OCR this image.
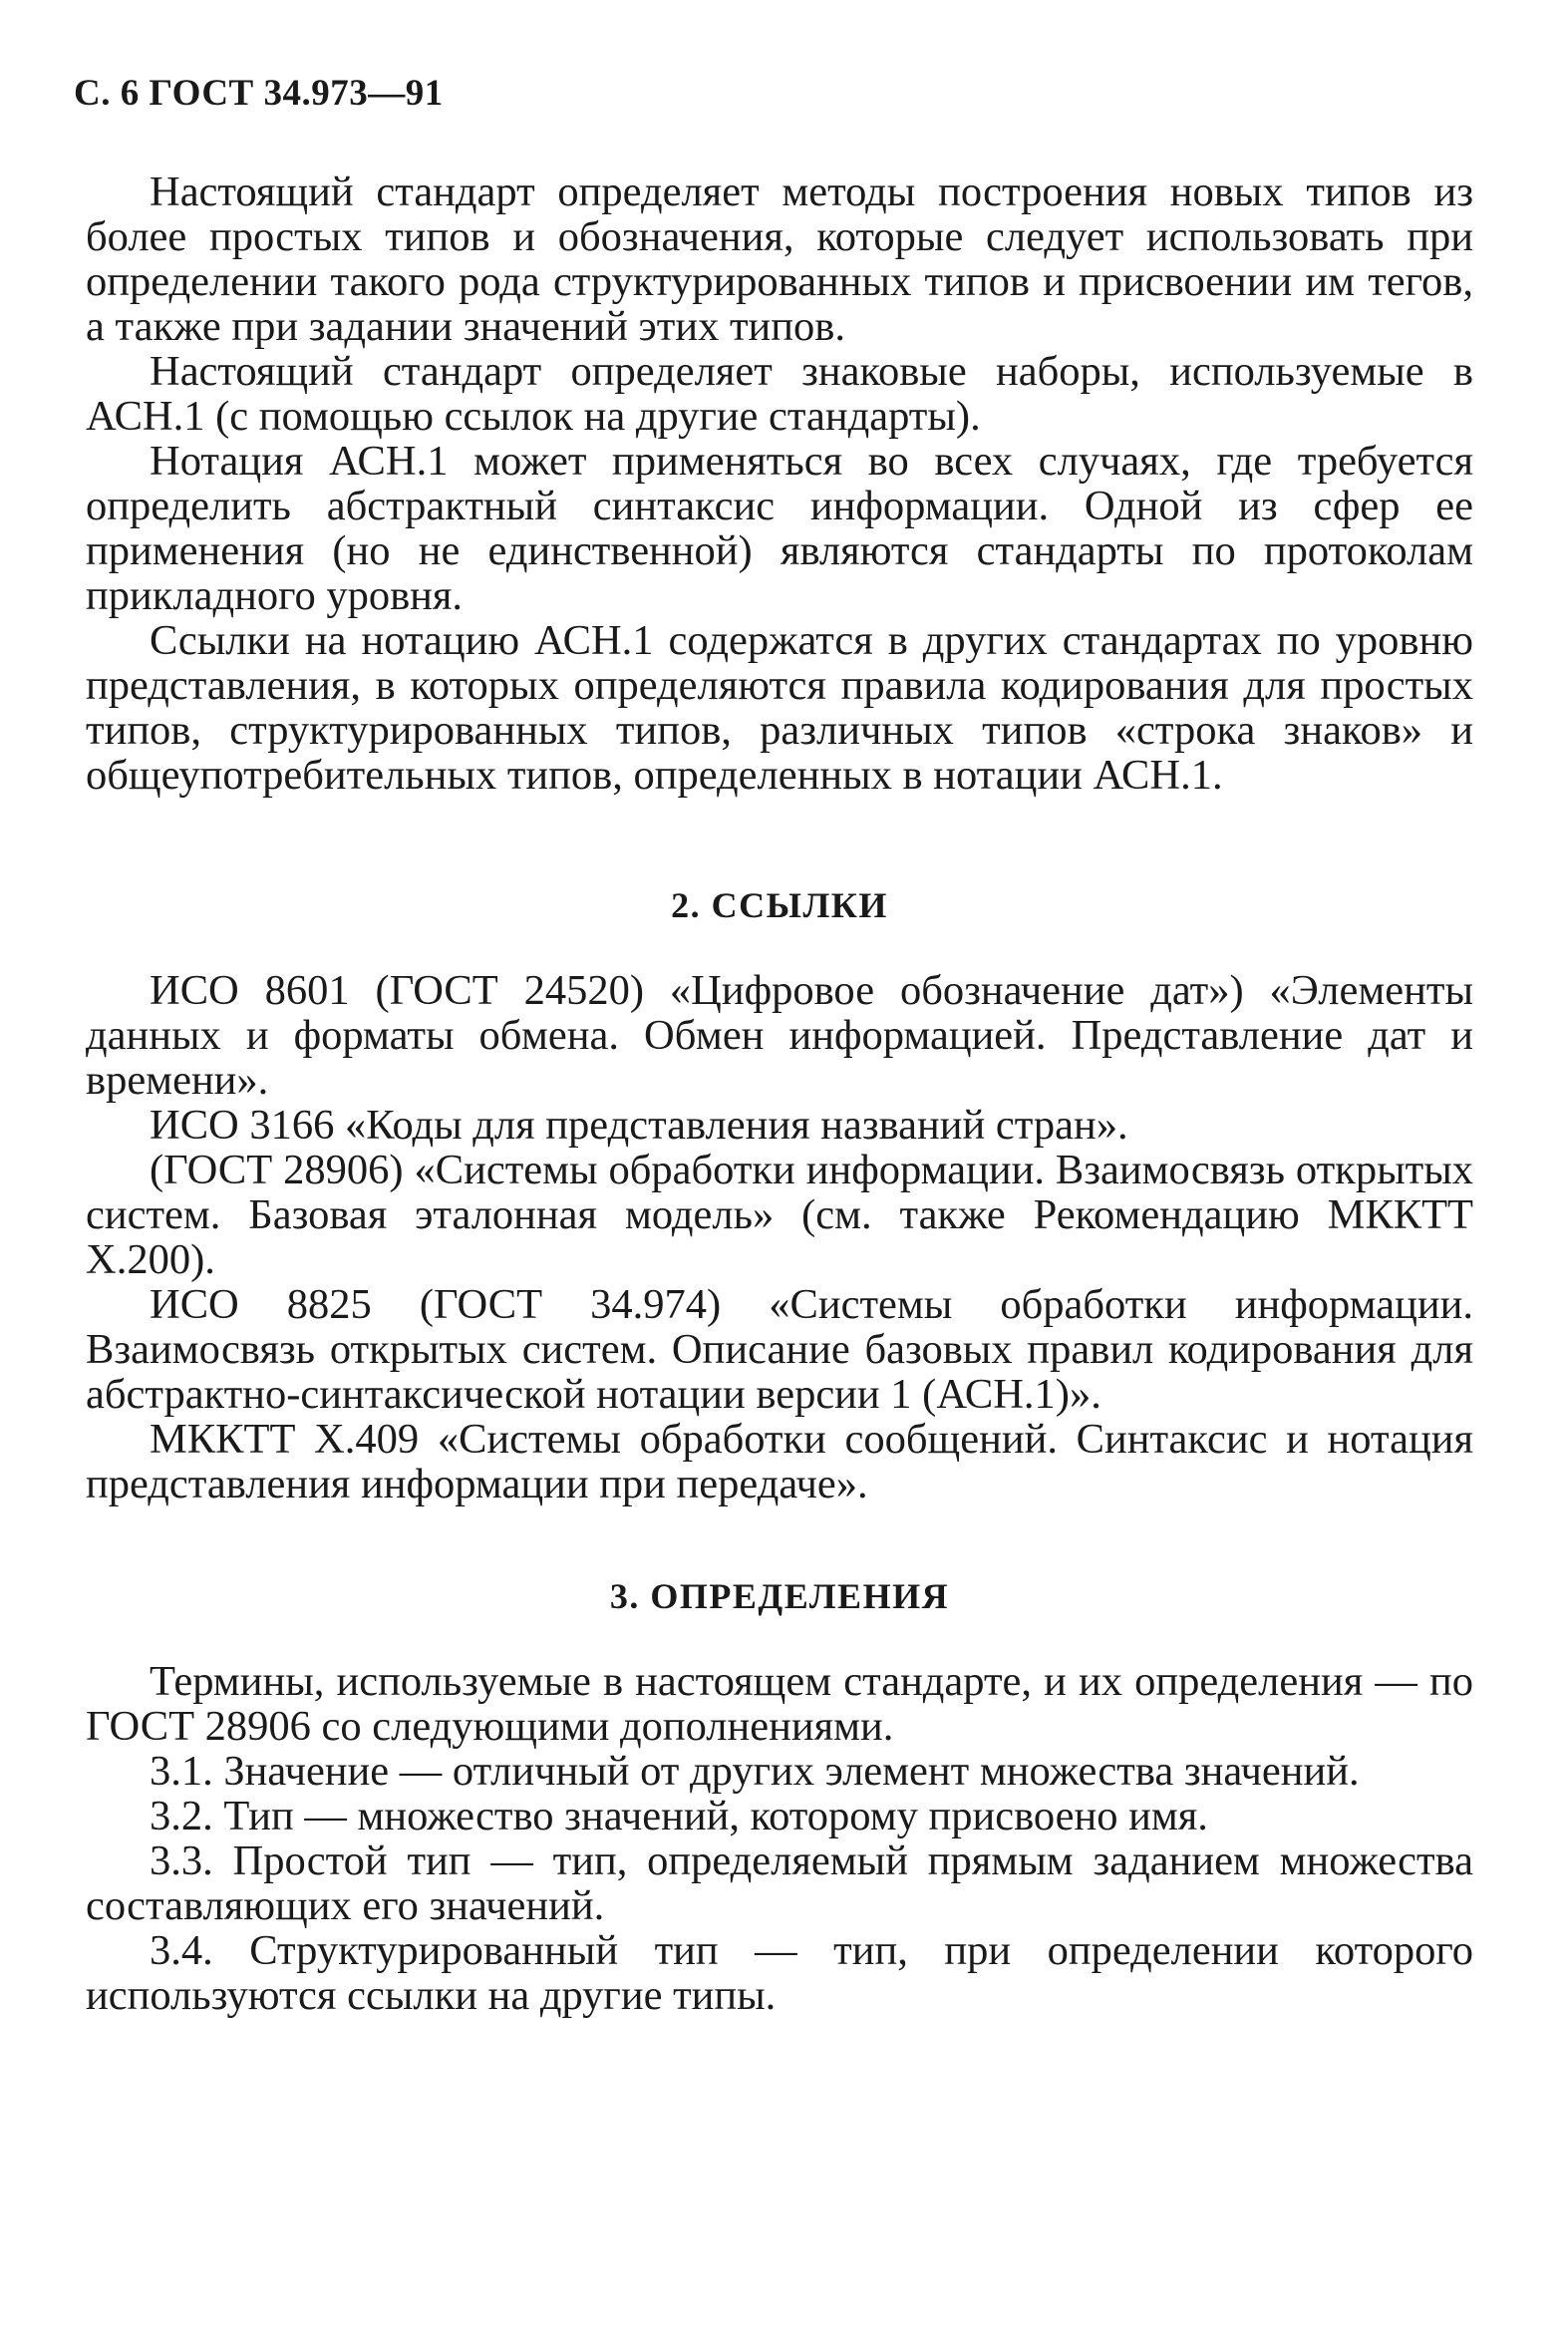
С. 6 ГОСТ 34.973—91

Настоящий стандарт определяет методы построения новых типов из более простых типов и обозначения, которые следует использовать при определении такого рода структурированных типов и присвоении им тегов, а также при задании значений этих типов.

Настоящий стандарт определяет знаковые наборы, используемые в АСН.1 (с помощью ссылок на другие стандарты).

Нотация АСН.1 может применяться во всех случаях, где требуется определить абстрактный синтаксис информации. Одной из сфер ее применения (но не единственной) являются стандарты по протоколам прикладного уровня.

Ссылки на нотацию АСН.1 содержатся в других стандартах по уровню представления, в которых определяются правила кодирования для простых типов, структурированных типов, различных типов «строка знаков» и общеупотребительных типов, определенных в нотации АСН.1.

2. ССЫЛКИ

ИСО 8601 (ГОСТ 24520) «Цифровое обозначение дат») «Элементы данных и форматы обмена. Обмен информацией. Представление дат и времени».

ИСО 3166 «Коды для представления названий стран».

(ГОСТ 28906) «Системы обработки информации. Взаимосвязь открытых систем. Базовая эталонная модель» (см. также Рекомендацию МККТТ Х.200).

ИСО 8825 (ГОСТ 34.974) «Системы обработки информации. Взаимосвязь открытых систем. Описание базовых правил кодирования для абстрактно-синтаксической нотации версии 1 (АСН.1)».

МККТТ Х.409 «Системы обработки сообщений. Синтаксис и нотация представления информации при передаче».

3. ОПРЕДЕЛЕНИЯ

Термины, используемые в настоящем стандарте, и их определения — по ГОСТ 28906 со следующими дополнениями.

3.1. Значение — отличный от других элемент множества значений.

3.2. Тип — множество значений, которому присвоено имя.

3.3. Простой тип — тип, определяемый прямым заданием множества составляющих его значений.

3.4. Структурированный тип — тип, при определении которого используются ссылки на другие типы.
